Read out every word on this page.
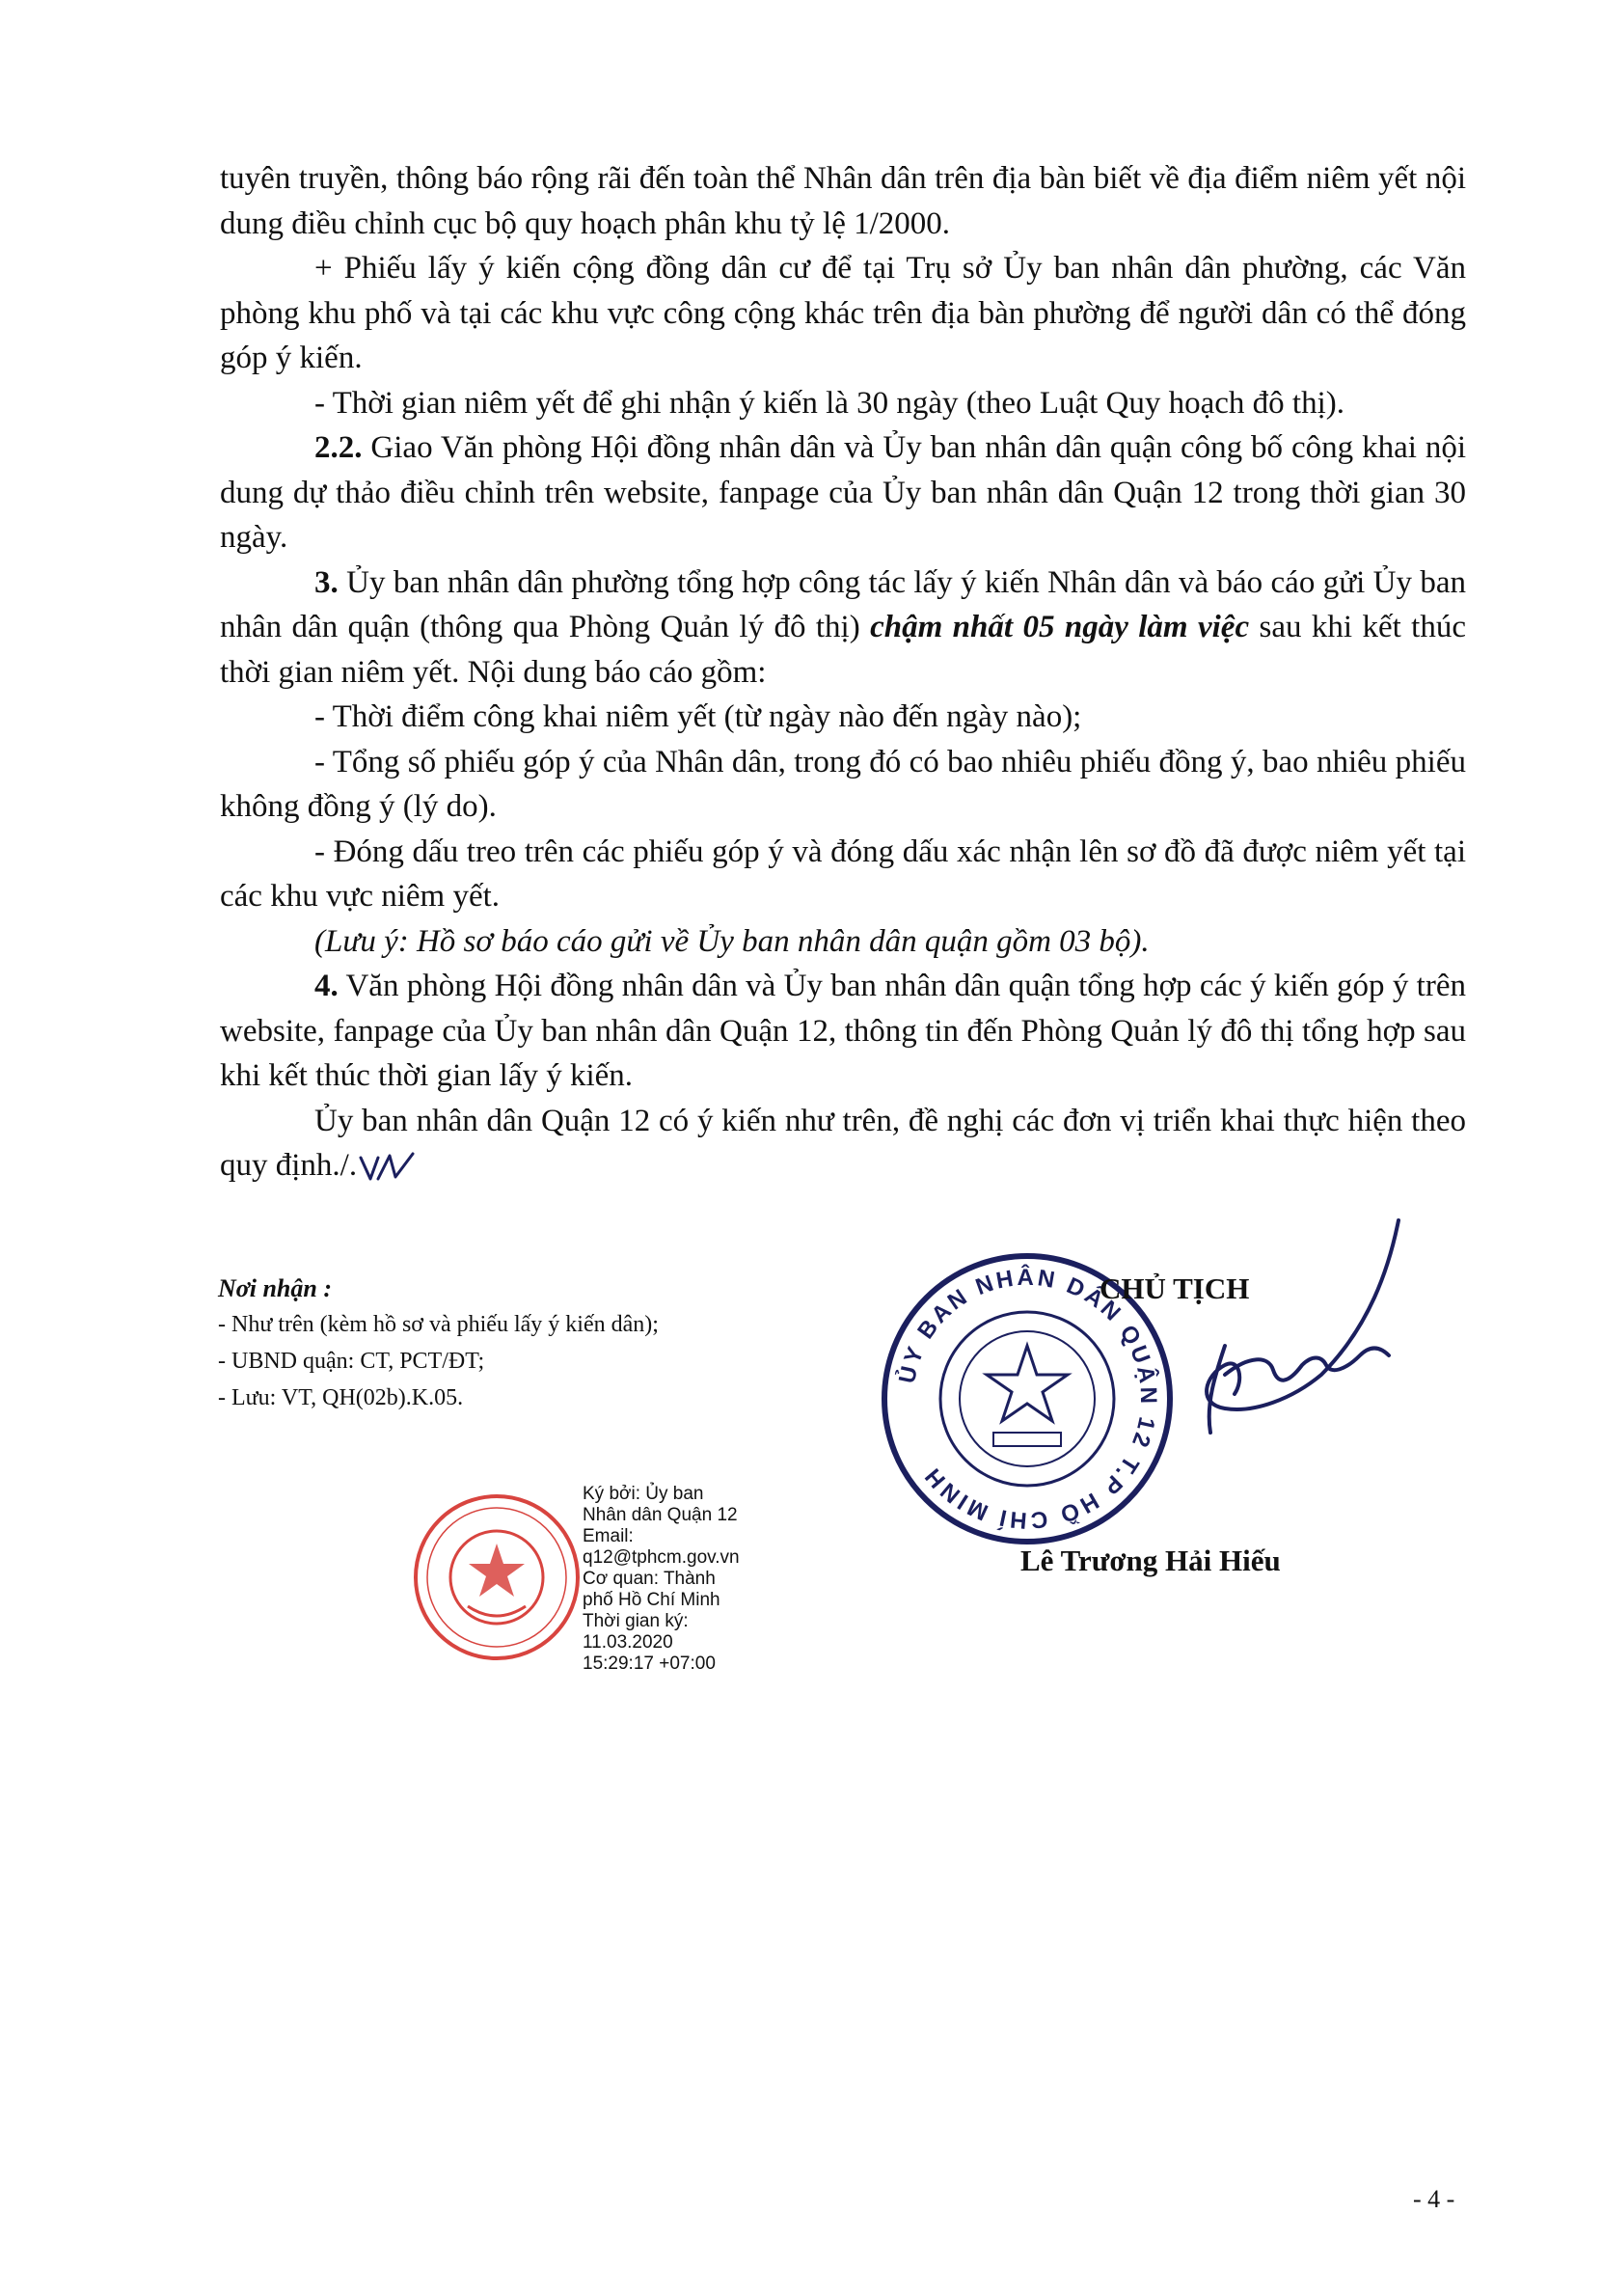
tuyên truyền, thông báo rộng rãi đến toàn thể Nhân dân trên địa bàn biết về địa điểm niêm yết nội dung điều chỉnh cục bộ quy hoạch phân khu tỷ lệ 1/2000.

+ Phiếu lấy ý kiến cộng đồng dân cư để tại Trụ sở Ủy ban nhân dân phường, các Văn phòng khu phố và tại các khu vực công cộng khác trên địa bàn phường để người dân có thể đóng góp ý kiến.

- Thời gian niêm yết để ghi nhận ý kiến là 30 ngày (theo Luật Quy hoạch đô thị).

2.2. Giao Văn phòng Hội đồng nhân dân và Ủy ban nhân dân quận công bố công khai nội dung dự thảo điều chỉnh trên website, fanpage của Ủy ban nhân dân Quận 12 trong thời gian 30 ngày.

3. Ủy ban nhân dân phường tổng hợp công tác lấy ý kiến Nhân dân và báo cáo gửi Ủy ban nhân dân quận (thông qua Phòng Quản lý đô thị) chậm nhất 05 ngày làm việc sau khi kết thúc thời gian niêm yết. Nội dung báo cáo gồm:

- Thời điểm công khai niêm yết (từ ngày nào đến ngày nào);

- Tổng số phiếu góp ý của Nhân dân, trong đó có bao nhiêu phiếu đồng ý, bao nhiêu phiếu không đồng ý (lý do).

- Đóng dấu treo trên các phiếu góp ý và đóng dấu xác nhận lên sơ đồ đã được niêm yết tại các khu vực niêm yết.

(Lưu ý: Hồ sơ báo cáo gửi về Ủy ban nhân dân quận gồm 03 bộ).

4. Văn phòng Hội đồng nhân dân và Ủy ban nhân dân quận tổng hợp các ý kiến góp ý trên website, fanpage của Ủy ban nhân dân Quận 12, thông tin đến Phòng Quản lý đô thị tổng hợp sau khi kết thúc thời gian lấy ý kiến.

Ủy ban nhân dân Quận 12 có ý kiến như trên, đề nghị các đơn vị triển khai thực hiện theo quy định./.

Nơi nhận :
- Như trên (kèm hồ sơ và phiếu lấy ý kiến dân);
- UBND quận: CT, PCT/ĐT;
- Lưu: VT, QH(02b).K.05.
ỦY BAN NHÂN DÂN QUẬN 12 T.P HỒ CHÍ MINH
CHỦ TỊCH
Lê Trương Hải Hiếu
Ký bởi: Ủy ban
Nhân dân Quận 12
Email:
q12@tphcm.gov.vn
Cơ quan: Thành
phố Hồ Chí Minh
Thời gian ký:
11.03.2020
15:29:17 +07:00
- 4 -
